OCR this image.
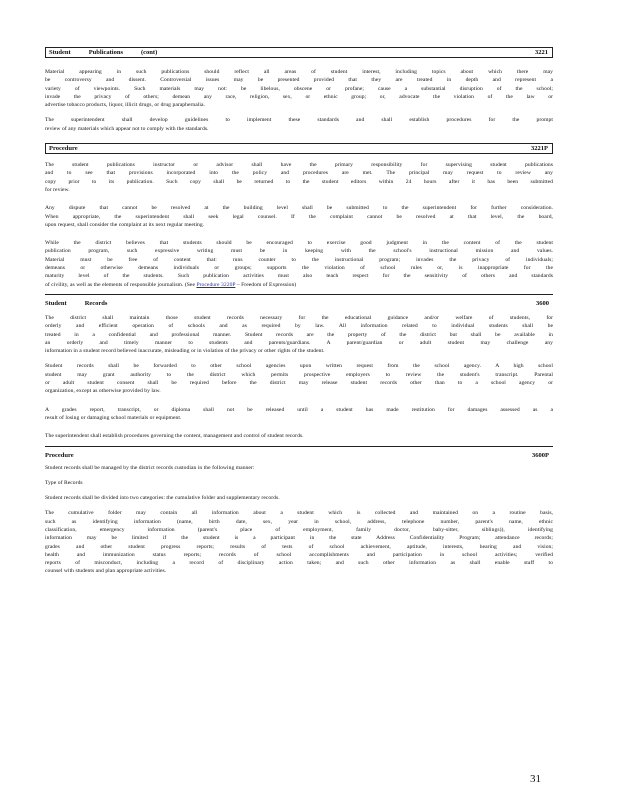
Student	Publications	(cont)	3221

Material appearing in such publications should reflect all areas of student interest, including topics about which there may

be controversy and dissent. Controversial issues may be presented provided that they are treated in depth and represent a

variety of viewpoints. Such materials may not: be libelous, obscene or profane; cause a substantial disruption of the school;

invade the privacy of others; demean any race, religion, sex, or ethnic group; or, advocate the violation of the law or

advertise tobacco products, liquor, illicit drugs, or drug paraphernalia.

The superintendent shall develop guidelines to implement these standards and shall establish procedures for the prompt

review of any materials which appear not to comply with the standards.

Procedure	3221P

The student publications instructor or advisor shall have the primary responsibility for supervising student publications

and to see that provisions incorporated into the policy and procedures are met. The principal may request to review any

copy prior to its publication. Such copy shall be returned to the student editors within 24 hours after it has been submitted

for review.

Any dispute that cannot be resolved at the building level shall be submitted to the superintendent for further consideration.

When appropriate, the superintendent shall seek legal counsel. If the complaint cannot be resolved at that level, the board,

upon request, shall consider the complaint at its next regular meeting.

While the district believes that students should be encouraged to exercise good judgment in the content of the student

publication program, such expressive writing must be in keeping with the school's instructional mission and values.

Material must be free of content that: runs counter to the instructional program; invades the privacy of individuals;

demeans or otherwise demeans individuals or groups; supports the violation of school rules or, is inappropriate for the

maturity level of the students. Such publication activities must also teach respect for the sensitivity of others and standards

of civility, as well as the elements of responsible journalism. (See Procedure 3220P – Freedom of Expression)

Student	Records	3600

The district shall maintain those student records necessary for the educational guidance and/or welfare of students, for

orderly and efficient operation of schools and as required by law. All information related to individual students shall be

treated in a confidential and professional manner. Student records are the property of the district but shall be available in

an orderly and timely manner to students and parents/guardians. A parent/guardian or adult student may challenge any

information in a student record believed inaccurate, misleading or in violation of the privacy or other rights of the student.

Student records shall be forwarded to other school agencies upon written request from the school agency. A high school

student may grant authority to the district which permits prospective employers to review the student's transcript. Parental

or adult student consent shall be required before the district may release student records other than to a school agency or

organization, except as otherwise provided by law.

A grades report, transcript, or diploma shall not be released until a student has made restitution for damages assessed as a

result of losing or damaging school materials or equipment.

The superintendent shall establish procedures governing the content, management and control of student records.

Procedure	3600P

Student records shall be managed by the district records custodian in the following manner:

Type of Records

Student records shall be divided into two categories: the cumulative folder and supplementary records.

The cumulative folder may contain all information about a student which is collected and maintained on a routine basis,

such as identifying information (name, birth date, sex, year in school, address, telephone number, parent's name, ethnic

classification, emergency information (parent's place of employment, family doctor, baby-sitter, siblings)), identifying

information may be limited if the student is a participant in the state Address Confidentiality Program; attendance records;

grades and other student progress reports; results of tests of school achievement, aptitude, interests, hearing and vision;

health and immunization status reports; records of school accomplishments and participation in school activities; verified

reports of misconduct, including a record of disciplinary action taken; and such other information as shall enable staff to

counsel with students and plan appropriate activities.

31
